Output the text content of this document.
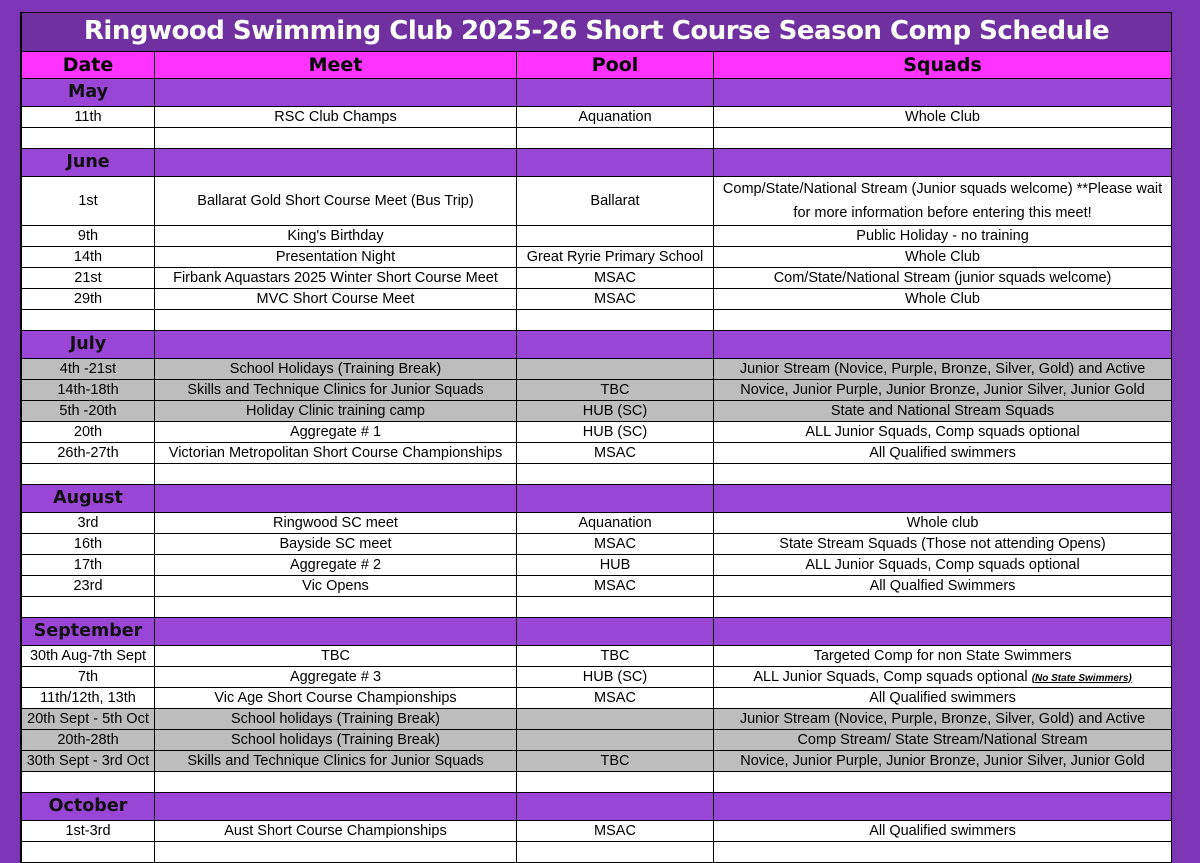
Ringwood Swimming Club 2025-26 Short Course Season Comp Schedule			
Date	Meet	Pool	Squads
May			
11th	RSC Club Champs	Aquanation	Whole Club

June			
1st	Ballarat Gold Short Course Meet (Bus Trip)	Ballarat	Comp/State/National Stream (Junior squads welcome) **Please wait for more information before entering this meet!
9th	King's Birthday		Public Holiday - no training
14th	Presentation Night	Great Ryrie Primary School	Whole Club
21st	Firbank Aquastars 2025 Winter Short Course Meet	MSAC	Com/State/National Stream (junior squads welcome)
29th	MVC Short Course Meet	MSAC	Whole Club

July			
4th -21st	School Holidays (Training Break)		Junior Stream (Novice, Purple, Bronze, Silver, Gold) and Active
14th-18th	Skills and Technique Clinics for Junior Squads	TBC	Novice, Junior Purple, Junior Bronze, Junior Silver, Junior Gold
5th -20th	Holiday Clinic training camp	HUB (SC)	State and National Stream Squads
20th	Aggregate # 1	HUB (SC)	ALL Junior Squads, Comp squads optional
26th-27th	Victorian Metropolitan Short Course Championships	MSAC	All Qualified swimmers

August			
3rd	Ringwood SC meet	Aquanation	Whole club
16th	Bayside SC meet	MSAC	State Stream Squads (Those not attending Opens)
17th	Aggregate # 2	HUB	ALL Junior Squads, Comp squads optional
23rd	Vic Opens	MSAC	All Qualfied Swimmers

September			
30th Aug-7th Sept	TBC	TBC	Targeted Comp for non State Swimmers
7th	Aggregate # 3	HUB (SC)	ALL Junior Squads, Comp squads optional (No State Swimmers)
11th/12th, 13th	Vic Age Short Course Championships	MSAC	All Qualified swimmers
20th Sept - 5th Oct	School holidays (Training Break)		Junior Stream (Novice, Purple, Bronze, Silver, Gold) and Active
20th-28th	School holidays (Training Break)		Comp Stream/ State Stream/National Stream
30th Sept - 3rd Oct	Skills and Technique Clinics for Junior Squads	TBC	Novice, Junior Purple, Junior Bronze, Junior Silver, Junior Gold

October			
1st-3rd	Aust Short Course Championships	MSAC	All Qualified swimmers
